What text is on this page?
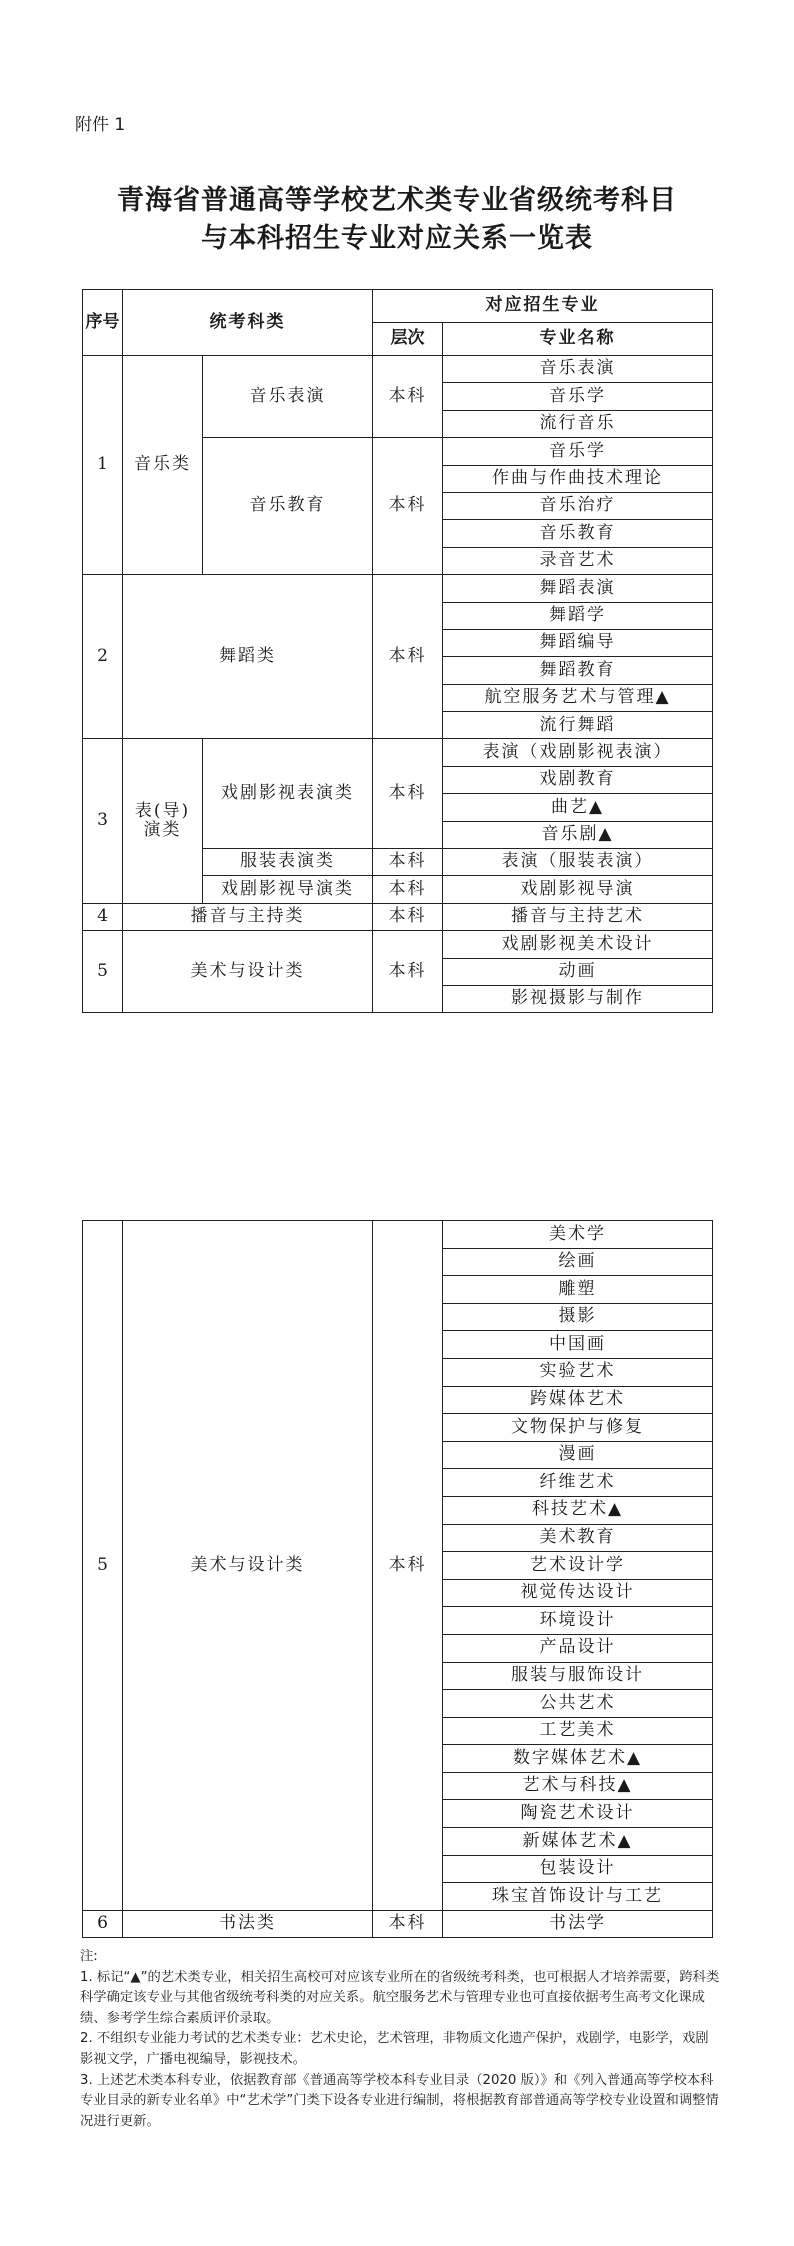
附件 1
青海省普通高等学校艺术类专业省级统考科目
与本科招生专业对应关系一览表
序号	统考科类		对应招生专业	
			层次	专业名称
1	音乐类	音乐表演	本科	音乐表演
				音乐学
				流行音乐
		音乐教育	本科	音乐学
				作曲与作曲技术理论
				音乐治疗
				音乐教育
				录音艺术
2	舞蹈类		本科	舞蹈表演
				舞蹈学
				舞蹈编导
				舞蹈教育
				航空服务艺术与管理▲
				流行舞蹈
3	表(导)演类	戏剧影视表演类	本科	表演（戏剧影视表演）
				戏剧教育
				曲艺▲
				音乐剧▲
		服装表演类	本科	表演（服装表演）
		戏剧影视导演类	本科	戏剧影视导演
4	播音与主持类		本科	播音与主持艺术
5	美术与设计类		本科	戏剧影视美术设计
				动画
				影视摄影与制作
5	美术与设计类	本科	美术学
			绘画
			雕塑
			摄影
			中国画
			实验艺术
			跨媒体艺术
			文物保护与修复
			漫画
			纤维艺术
			科技艺术▲
			美术教育
			艺术设计学
			视觉传达设计
			环境设计
			产品设计
			服装与服饰设计
			公共艺术
			工艺美术
			数字媒体艺术▲
			艺术与科技▲
			陶瓷艺术设计
			新媒体艺术▲
			包装设计
			珠宝首饰设计与工艺
6	书法类	本科	书法学

注:

1. 标记“▲”的艺术类专业，相关招生高校可对应该专业所在的省级统考科类，也可根据人才培养需要，跨科类科学确定该专业与其他省级统考科类的对应关系。航空服务艺术与管理专业也可直接依据考生高考文化课成绩、参考学生综合素质评价录取。

2. 不组织专业能力考试的艺术类专业：艺术史论，艺术管理，非物质文化遗产保护，戏剧学，电影学，戏剧影视文学，广播电视编导，影视技术。

3. 上述艺术类本科专业，依据教育部《普通高等学校本科专业目录（2020 版）》和《列入普通高等学校本科专业目录的新专业名单》中“艺术学”门类下设各专业进行编制，将根据教育部普通高等学校专业设置和调整情况进行更新。
